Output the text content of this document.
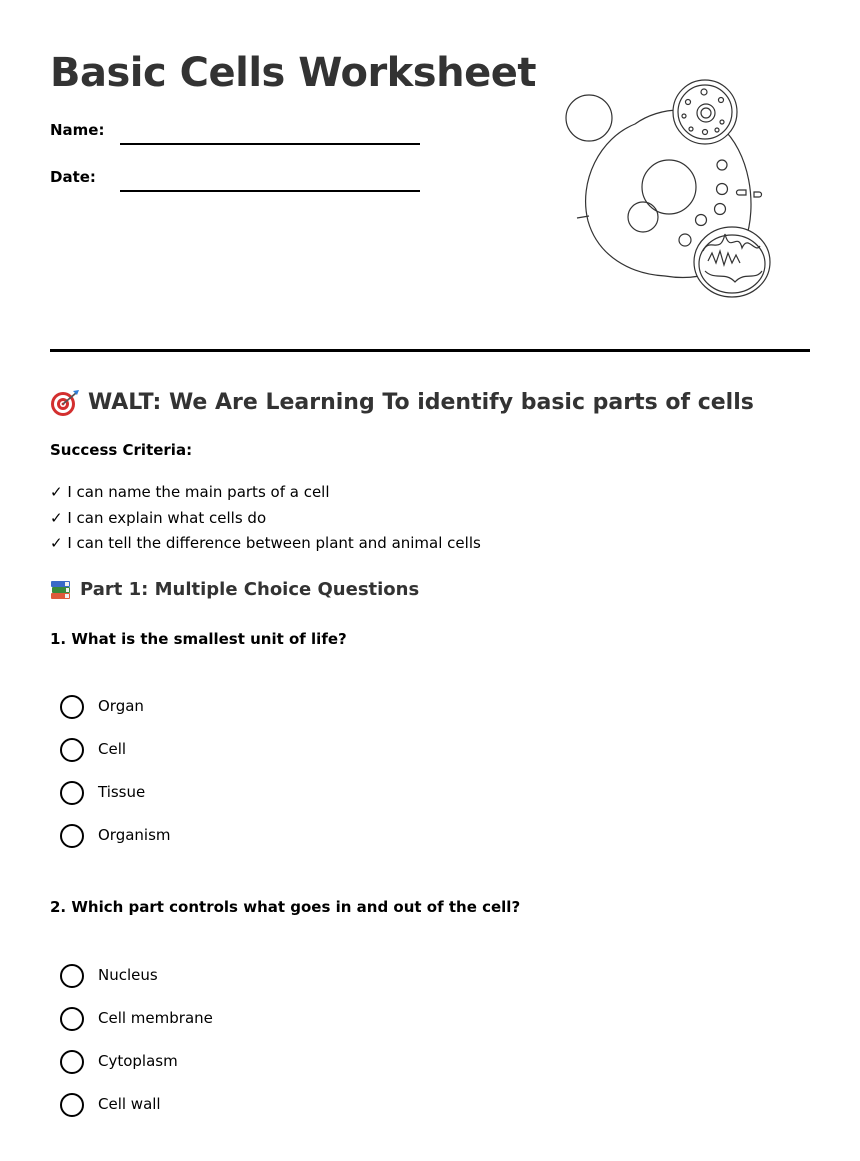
Basic Cells Worksheet
Name:
Date:
WALT: We Are Learning To identify basic parts of cells
Success Criteria:
✓ I can name the main parts of a cell
✓ I can explain what cells do
✓ I can tell the difference between plant and animal cells
Part 1: Multiple Choice Questions
1. What is the smallest unit of life?
Organ
Cell
Tissue
Organism
2. Which part controls what goes in and out of the cell?
Nucleus
Cell membrane
Cytoplasm
Cell wall
